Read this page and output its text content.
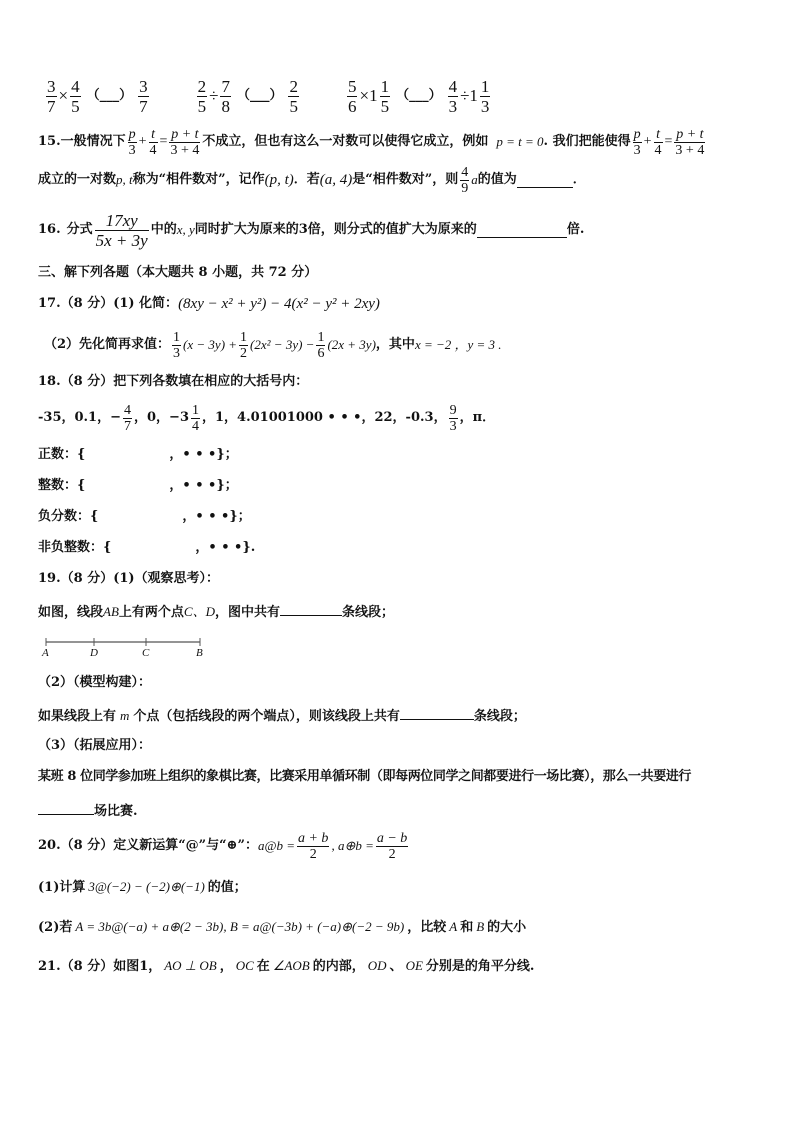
$\frac{3}{7} \times \frac{4}{5}$ （___） $\frac{3}{7}$	$\frac{2}{5} \div \frac{7}{8}$ （___） $\frac{2}{5}$	$\frac{5}{6} \times 1 \frac{1}{5}$ （___） $\frac{4}{3} \div 1 \frac{1}{3}$
15. 一般情况下 $\frac{p}{3} + \frac{t}{4} = \frac{p + t}{3 + 4}$ 不成立，但也有这么一对数可以使得它成立，例如 p = t = 0 . 我们把能使得 $\frac{p}{3} + \frac{t}{4} = \frac{p + t}{3 + 4}$
成立的一对数 p, t 称为“相件数对”，记作 (p, t) ．若 (a, 4) 是“相件数对”，则 $\frac{4}{9}$ a 的值为	．
16. 分式 $\frac{17xy}{5x + 3y}$ 中的 x, y 同时扩大为原来的3倍，则分式的值扩大为原来的	倍.
三、解下列各题（本大题共 8 小题，共 72 分）
17.（8 分）(1) 化简： (8xy − x² + y²) − 4(x² − y² + 2xy)
（2）先化简再求值： $\frac{1}{3} (x - 3y) + \frac{1}{2} (2x^2 - 3y) - \frac{1}{6} (2x + 3y)$ ，其中 x = −2 ，y = 3 .
18.（8 分）把下列各数填在相应的大括号内：
-35，0.1，− $\frac{4}{7}$ ，0，$-3 \frac{1}{4}$ ，1，4.01001000 • • •，22，-0.3， $\frac{9}{3}$ ，π．
正数：{	，• • •}；
整数：{	，• • •}；
负分数：{	，• • •}；
非负整数：{	，• • •}.
19.（8 分）(1)（观察思考）：
如图，线段AB上有两个点C、D，图中共有	条线段；
A	D	C	B
（2）（模型构建）：
如果线段上有 m 个点（包括线段的两个端点），则该线段上共有	条线段；
（3）（拓展应用）：
某班 8 位同学参加班上组织的象棋比赛，比赛采用单循环制（即每两位同学之间都要进行一场比赛），那么一共要进行
场比赛.
20.（8 分）定义新运算“@”与“⊕”： a@b = $\frac{a + b}{2}$ , a⊕b = $\frac{a - b}{2}$
(1)计算 3@(−2) − (−2)⊕(−1) 的值；
(2)若 A = 3b@(−a) + a⊕(2 − 3b), B = a@(−3b) + (−a)⊕(−2 − 9b) ，比较 A 和 B 的大小
21.（8 分）如图1， AO ⊥ OB ， OC 在 ∠AOB 的内部， OD 、 OE 分别是的角平分线.
